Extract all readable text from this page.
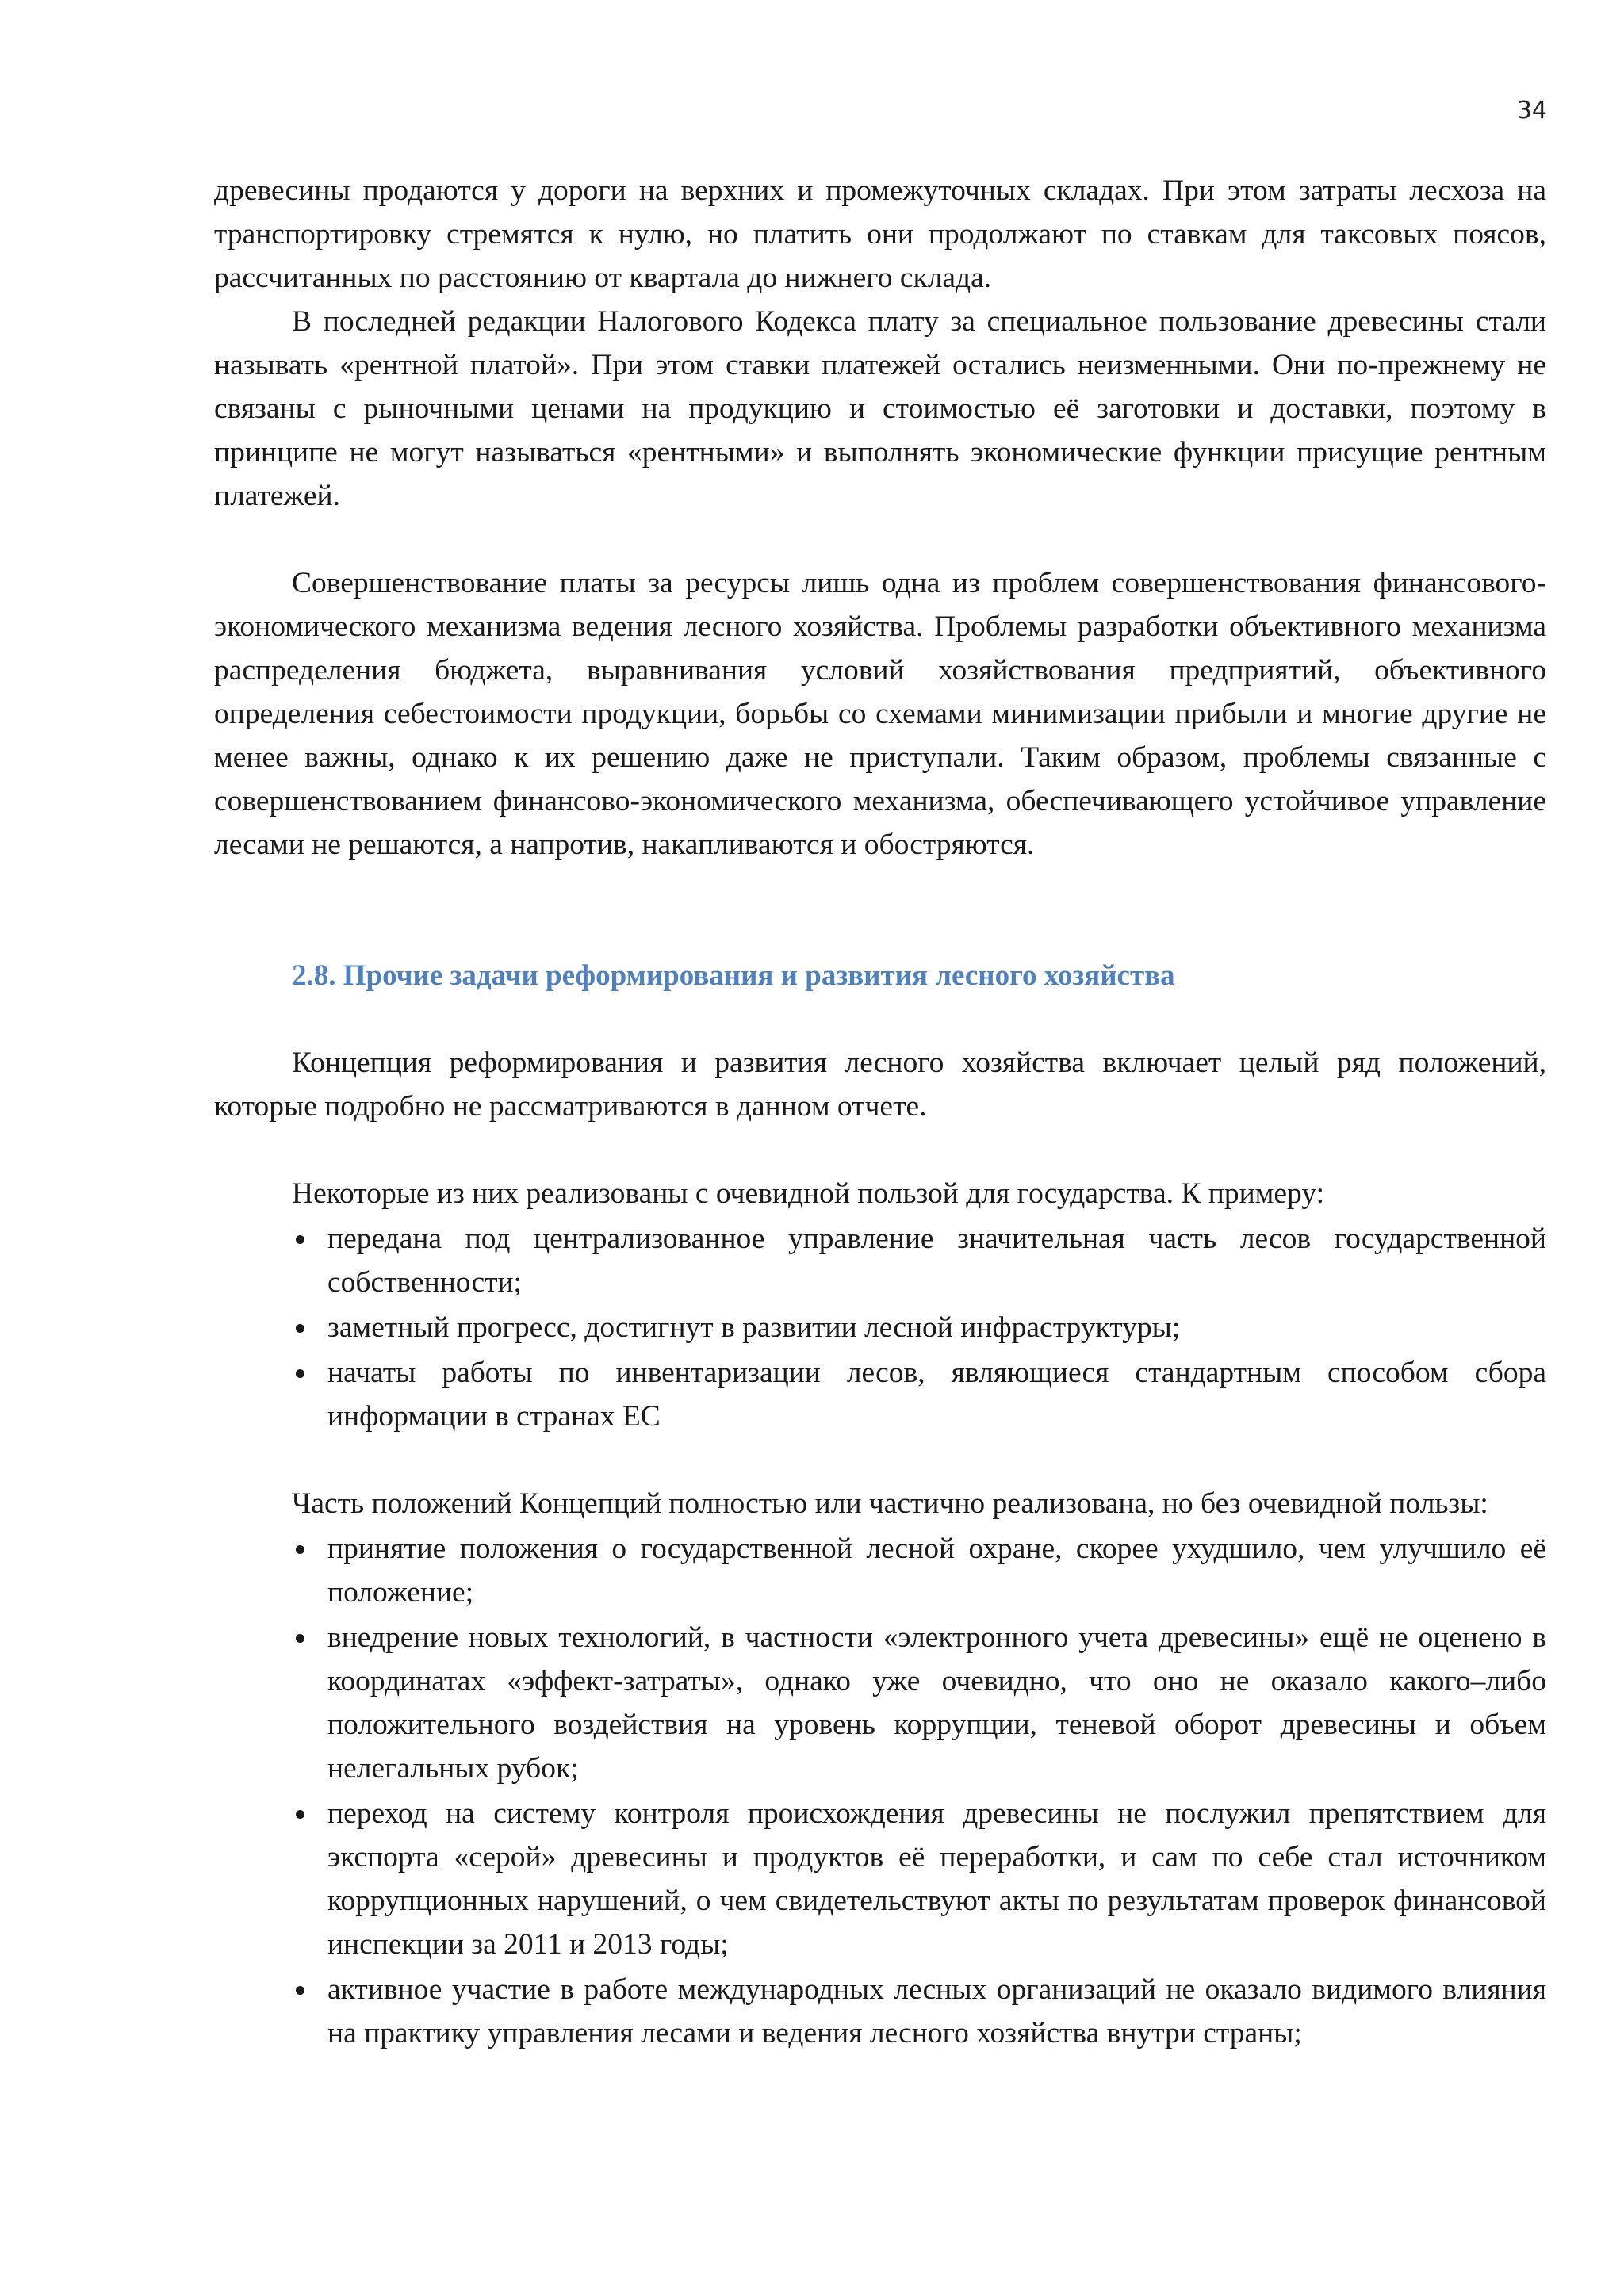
34

древесины продаются у дороги на верхних и промежуточных складах. При этом затраты лесхоза на транспортировку стремятся к нулю, но платить они продолжают по ставкам для таксовых поясов, рассчитанных по расстоянию от квартала до нижнего склада.

В последней редакции Налогового Кодекса плату за специальное пользование древесины стали называть «рентной платой». При этом ставки платежей остались неизменными. Они по-прежнему не связаны с рыночными ценами на продукцию и стоимостью её заготовки и доставки, поэтому в принципе не могут называться «рентными» и выполнять экономические функции присущие рентным платежей.

Совершенствование платы за ресурсы лишь одна из проблем совершенствования финансового-экономического механизма ведения лесного хозяйства. Проблемы разработки объективного механизма распределения бюджета, выравнивания условий хозяйствования предприятий, объективного определения себестоимости продукции, борьбы со схемами минимизации прибыли и многие другие не менее важны, однако к их решению даже не приступали. Таким образом, проблемы связанные с совершенствованием финансово-экономического механизма, обеспечивающего устойчивое управление лесами не решаются, а напротив, накапливаются и обостряются.

2.8. Прочие задачи реформирования и развития лесного хозяйства

Концепция реформирования и развития лесного хозяйства включает целый ряд положений, которые подробно не рассматриваются в данном отчете.

Некоторые из них реализованы с очевидной пользой для государства. К примеру:

передана под централизованное управление значительная часть лесов государственной собственности;
заметный прогресс, достигнут в развитии лесной инфраструктуры;
начаты работы по инвентаризации лесов, являющиеся стандартным способом сбора информации в странах ЕС

Часть положений Концепций полностью или частично реализована, но без очевидной пользы:

принятие положения о государственной лесной охране, скорее ухудшило, чем улучшило её положение;
внедрение новых технологий, в частности «электронного учета древесины» ещё не оценено в координатах «эффект-затраты», однако уже очевидно, что оно не оказало какого–либо положительного воздействия на уровень коррупции, теневой оборот древесины и объем нелегальных рубок;
переход на систему контроля происхождения древесины не послужил препятствием для экспорта «серой» древесины и продуктов её переработки, и сам по себе стал источником коррупционных нарушений, о чем свидетельствуют акты по результатам проверок финансовой инспекции за 2011 и 2013 годы;
активное участие в работе международных лесных организаций не оказало видимого влияния на практику управления лесами и ведения лесного хозяйства внутри страны;
